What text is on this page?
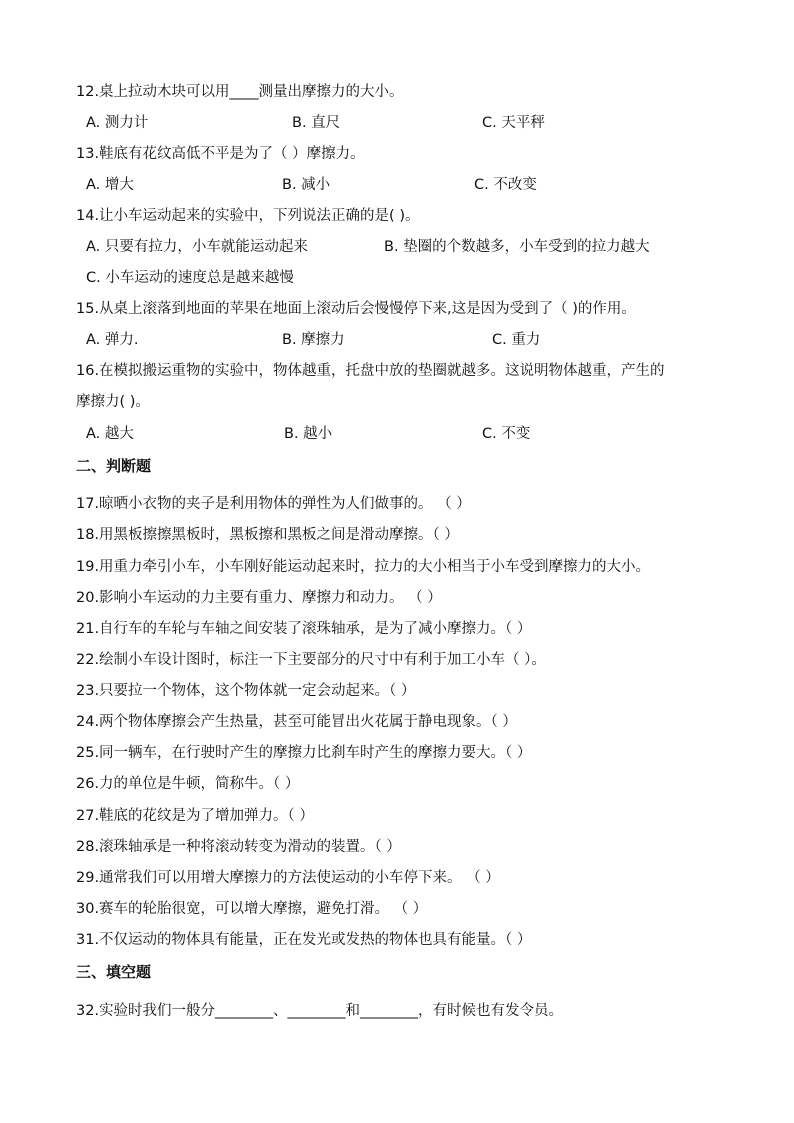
12.桌上拉动木块可以用____测量出摩擦力的大小。
A. 测力计	B. 直尺	C. 天平秤
13.鞋底有花纹高低不平是为了（ ）摩擦力。
A. 增大	B. 减小	C. 不改变
14.让小车运动起来的实验中，下列说法正确的是( )。
A. 只要有拉力，小车就能运动起来	B. 垫圈的个数越多，小车受到的拉力越大
C. 小车运动的速度总是越来越慢
15.从桌上滚落到地面的苹果在地面上滚动后会慢慢停下来,这是因为受到了（ )的作用。
A. 弹力.	B. 摩擦力	C. 重力
16.在模拟搬运重物的实验中，物体越重，托盘中放的垫圈就越多。这说明物体越重，产生的
摩擦力( )。
A. 越大	B. 越小	C. 不变
二、判断题
17.晾晒小衣物的夹子是利用物体的弹性为人们做事的。 （ ）
18.用黑板擦擦黑板时，黑板擦和黑板之间是滑动摩擦。（ ）
19.用重力牵引小车，小车刚好能运动起来时，拉力的大小相当于小车受到摩擦力的大小。
20.影响小车运动的力主要有重力、摩擦力和动力。 （ ）
21.自行车的车轮与车轴之间安装了滚珠轴承，是为了减小摩擦力。（ ）
22.绘制小车设计图时，标注一下主要部分的尺寸中有利于加工小车（ ）。
23.只要拉一个物体，这个物体就一定会动起来。（ ）
24.两个物体摩擦会产生热量，甚至可能冒出火花属于静电现象。（ ）
25.同一辆车，在行驶时产生的摩擦力比刹车时产生的摩擦力要大。（ ）
26.力的单位是牛顿，简称牛。（ ）
27.鞋底的花纹是为了增加弹力。（ ）
28.滚珠轴承是一种将滚动转变为滑动的装置。（ ）
29.通常我们可以用增大摩擦力的方法使运动的小车停下来。 （ ）
30.赛车的轮胎很宽，可以增大摩擦，避免打滑。 （ ）
31.不仅运动的物体具有能量，正在发光或发热的物体也具有能量。（ ）
三、填空题
32.实验时我们一般分________、________和________，有时候也有发令员。
